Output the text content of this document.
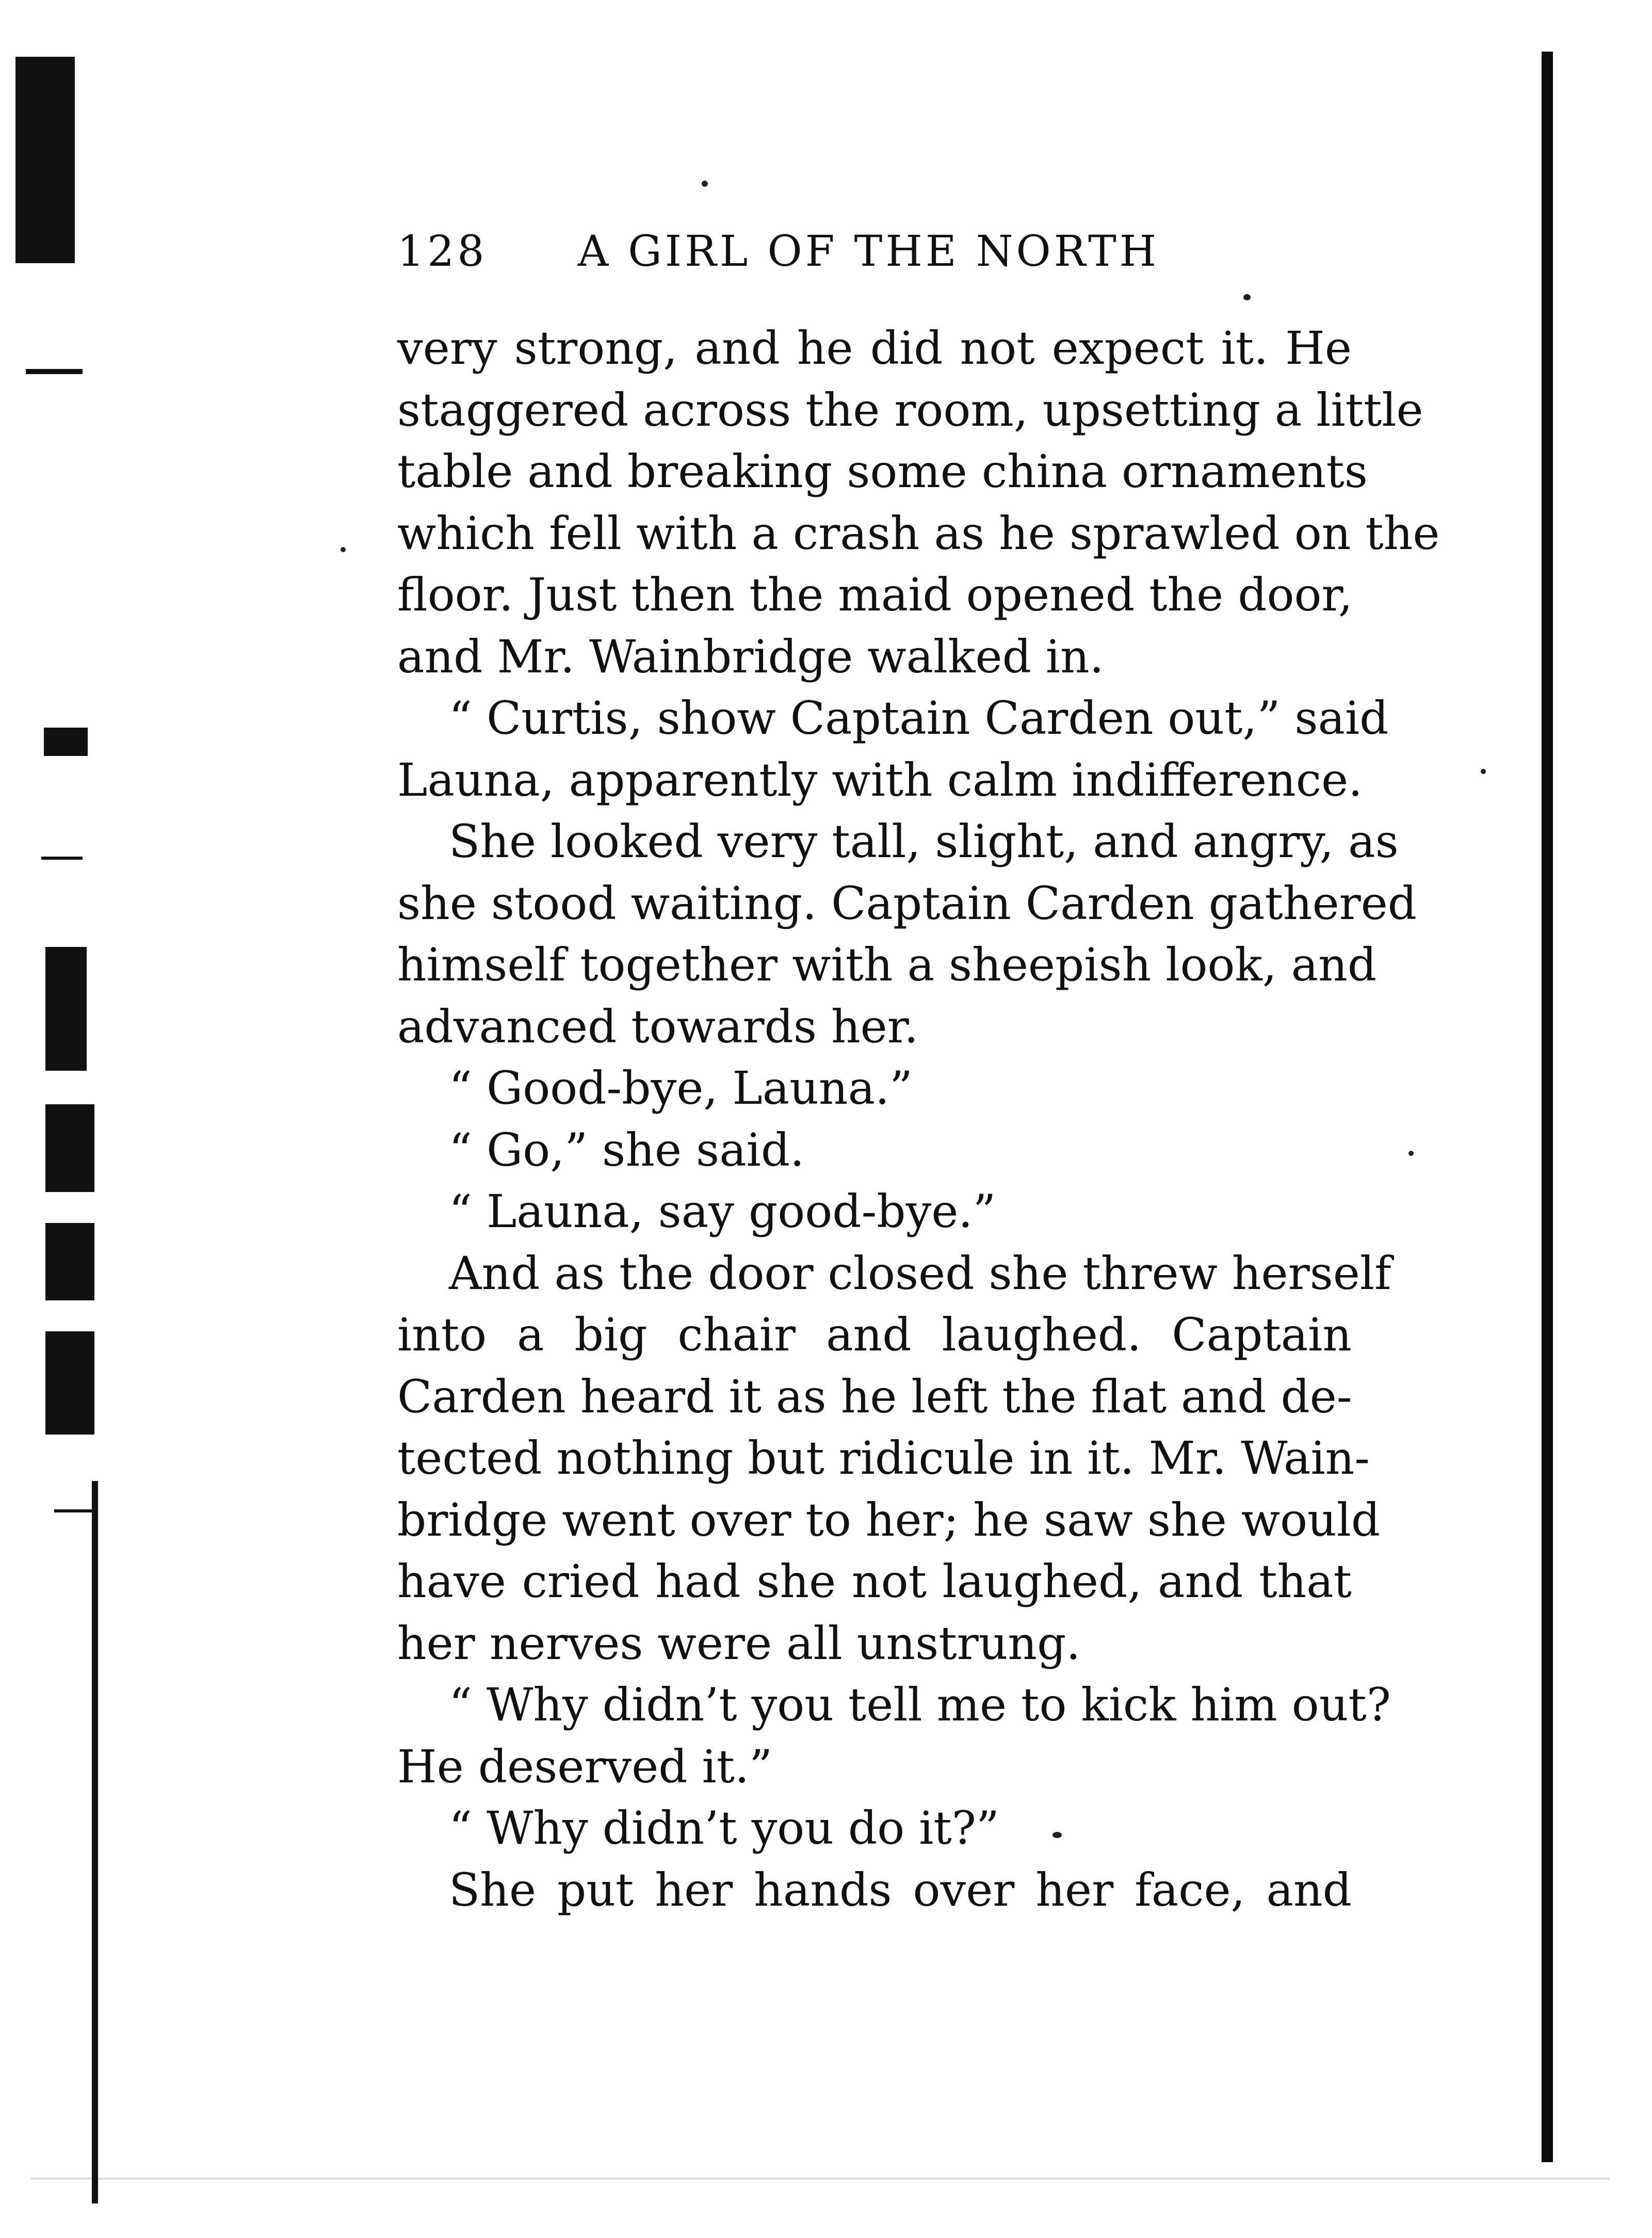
128 A GIRL OF THE NORTH
very strong, and he did not expect it. He
staggered across the room, upsetting a little
table and breaking some china ornaments
which fell with a crash as he sprawled on the
floor. Just then the maid opened the door,
and Mr. Wainbridge walked in.
“ Curtis, show Captain Carden out,” said
Launa, apparently with calm indifference.
She looked very tall, slight, and angry, as
she stood waiting. Captain Carden gathered
himself together with a sheepish look, and
advanced towards her.
“ Good-bye, Launa.”
“ Go,” she said.
“ Launa, say good-bye.”
And as the door closed she threw herself
into a big chair and laughed. Captain
Carden heard it as he left the flat and de-
tected nothing but ridicule in it. Mr. Wain-
bridge went over to her; he saw she would
have cried had she not laughed, and that
her nerves were all unstrung.
“ Why didn’t you tell me to kick him out?
He deserved it.”
“ Why didn’t you do it?”
She put her hands over her face, and
